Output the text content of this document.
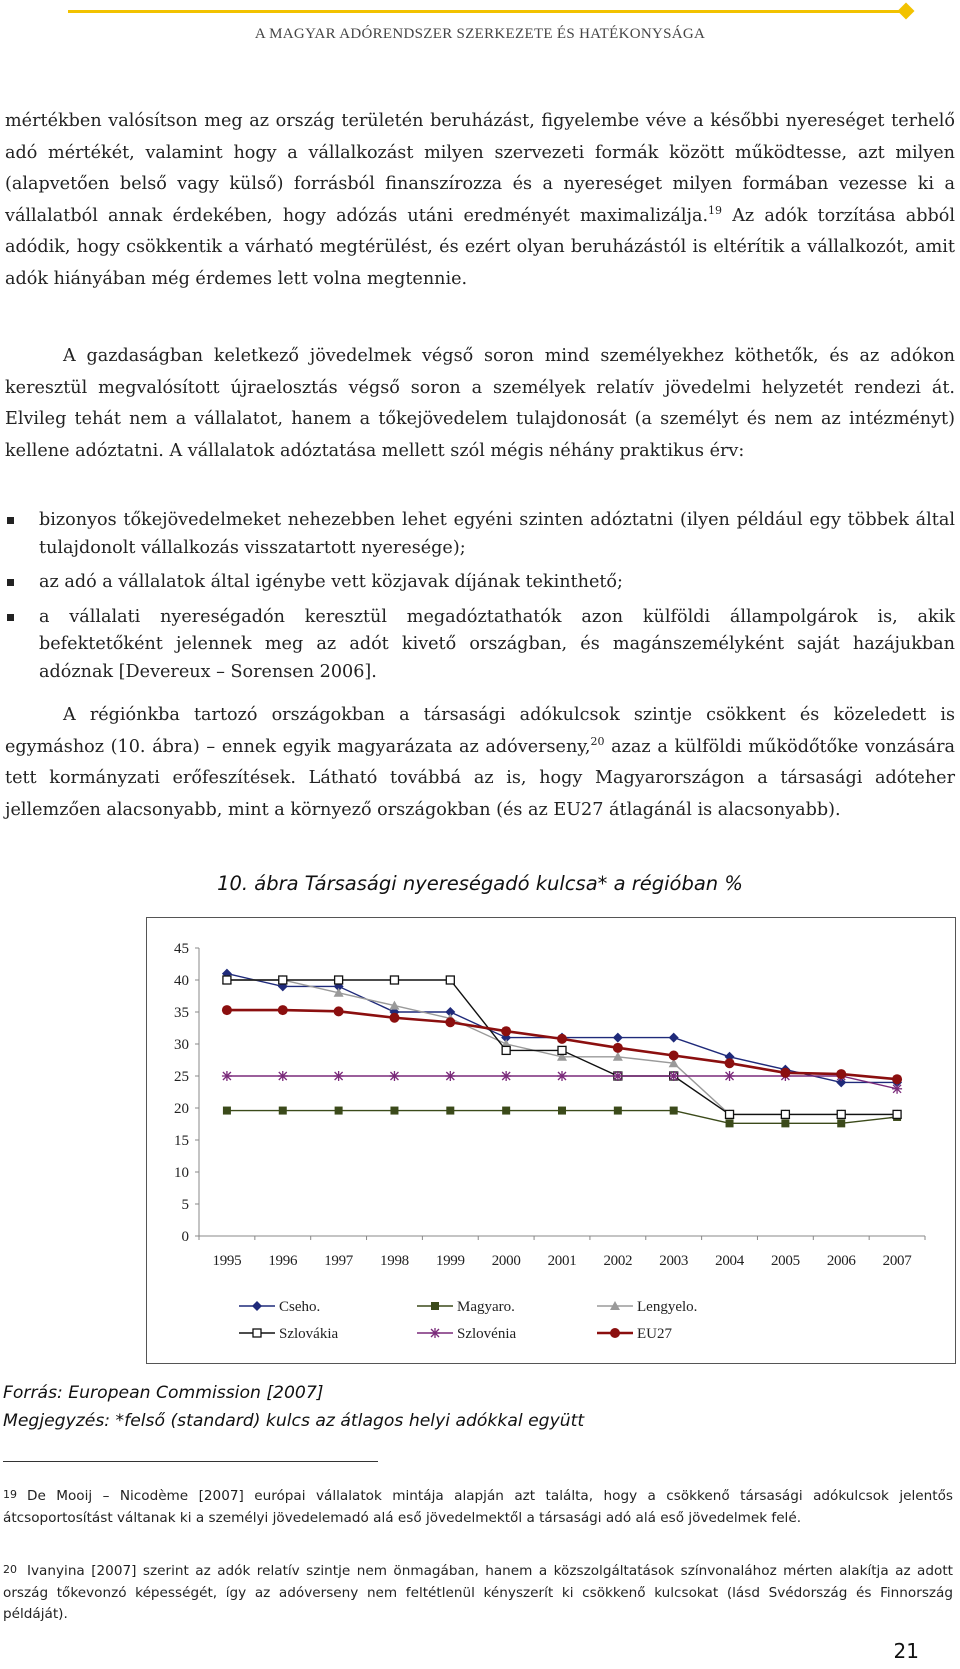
A MAGYAR ADÓRENDSZER SZERKEZETE ÉS HATÉKONYSÁGA

mértékben valósítson meg az ország területén beruházást, figyelembe véve a későbbi nyereséget terhelő adó mértékét, valamint hogy a vállalkozást milyen szervezeti formák között működtesse, azt milyen (alapvetően belső vagy külső) forrásból finanszírozza és a nyereséget milyen formában vezesse ki a vállalatból annak érdekében, hogy adózás utáni eredményét maximalizálja.$^{19}$ Az adók torzítása abból adódik, hogy csökkentik a várható megtérülést, és ezért olyan beruházástól is eltérítik a vállalkozót, amit adók hiányában még érdemes lett volna megtennie.

A gazdaságban keletkező jövedelmek végső soron mind személyekhez köthetők, és az adókon keresztül megvalósított újraelosztás végső soron a személyek relatív jövedelmi helyzetét rendezi át. Elvileg tehát nem a vállalatot, hanem a tőkejövedelem tulajdonosát (a személyt és nem az intézményt) kellene adóztatni. A vállalatok adóztatása mellett szól mégis néhány praktikus érv:

bizonyos tőkejövedelmeket nehezebben lehet egyéni szinten adóztatni (ilyen például egy többek által tulajdonolt vállalkozás visszatartott nyeresége);
az adó a vállalatok által igénybe vett közjavak díjának tekinthető;
a vállalati nyereségadón keresztül megadóztathatók azon külföldi állampolgárok is, akik befektetőként jelennek meg az adót kivető országban, és magánszemélyként saját hazájukban adóznak [Devereux – Sorensen 2006].

A régiónkba tartozó országokban a társasági adókulcsok szintje csökkent és közeledett is egymáshoz (10. ábra) – ennek egyik magyarázata az adóverseny,$^{20}$ azaz a külföldi működőtőke vonzására tett kormányzati erőfeszítések. Látható továbbá az is, hogy Magyarországon a társasági adóteher jellemzően alacsonyabb, mint a környező országokban (és az EU27 átlagánál is alacsonyabb).

10. ábra Társasági nyereségadó kulcsa* a régióban %
0
5
10
15
20
25
30
35
40
45
1995 1996 1997 1998 1999 2000 2001 2002 2003 2004 2005 2006 2007
Cseho.	Magyaro.	Lengyelo.
Szlovákia	Szlovénia	EU27
Forrás: European Commission [2007]
Megjegyzés: *felső (standard) kulcs az átlagos helyi adókkal együtt

19 De Mooij – Nicodème [2007] európai vállalatok mintája alapján azt találta, hogy a csökkenő társasági adókulcsok jelentős átcsoportosítást váltanak ki a személyi jövedelemadó alá eső jövedelmektől a társasági adó alá eső jövedelmek felé.

20 Ivanyina [2007] szerint az adók relatív szintje nem önmagában, hanem a közszolgáltatások színvonalához mérten alakítja az adott ország tőkevonzó képességét, így az adóverseny nem feltétlenül kényszerít ki csökkenő kulcsokat (lásd Svédország és Finnország példáját).

21
